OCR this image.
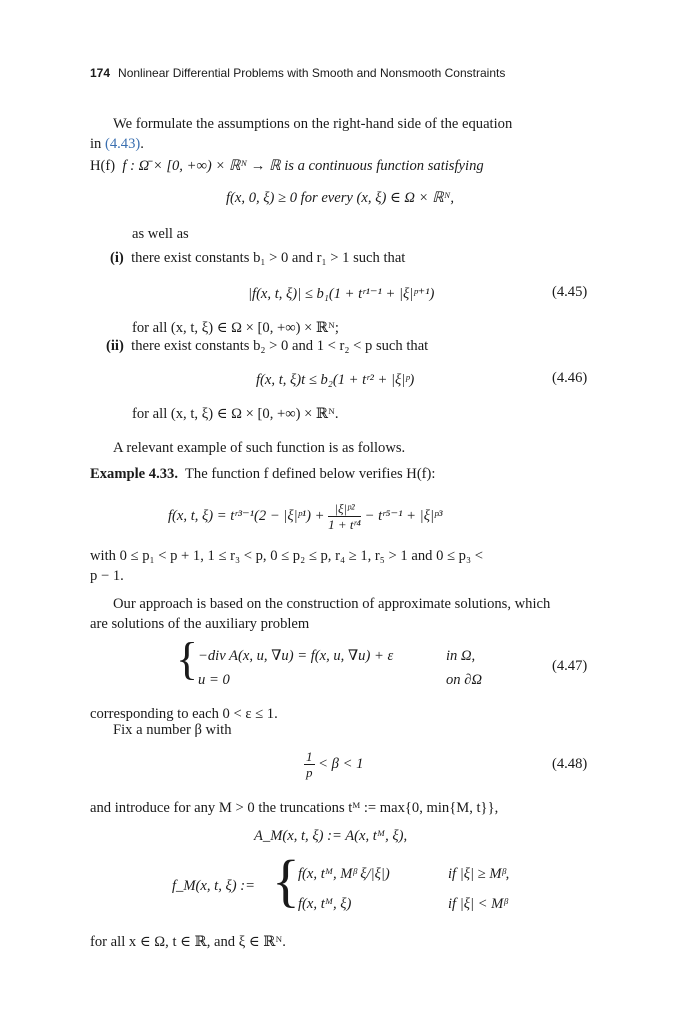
174 Nonlinear Differential Problems with Smooth and Nonsmooth Constraints
We formulate the assumptions on the right-hand side of the equation
in (4.43).
H(f) f : Ω̄ × [0, +∞) × ℝᴺ → ℝ is a continuous function satisfying
f(x, 0, ξ) ≥ 0 for every (x, ξ) ∈ Ω × ℝᴺ,
as well as
(i) there exist constants b₁ > 0 and r₁ > 1 such that
|f(x, t, ξ)| ≤ b₁(1 + tʳ¹⁻¹ + |ξ|ᵖ⁺¹)	(4.45)
for all (x, t, ξ) ∈ Ω × [0, +∞) × ℝᴺ;
(ii) there exist constants b₂ > 0 and 1 < r₂ < p such that
f(x, t, ξ)t ≤ b₂(1 + tʳ² + |ξ|ᵖ)	(4.46)
for all (x, t, ξ) ∈ Ω × [0, +∞) × ℝᴺ.
A relevant example of such function is as follows.
Example 4.33. The function f defined below verifies H(f):
f(x, t, ξ) = tʳ³⁻¹(2 − |ξ|ᵖ¹) + $\frac{\text{|ξ|ᵖ²}}{\text{1 + tʳ⁴}}$ − tʳ⁵⁻¹ + |ξ|ᵖ³
with 0 ≤ p₁ < p + 1, 1 ≤ r₃ < p, 0 ≤ p₂ ≤ p, r₄ ≥ 1, r₅ > 1 and 0 ≤ p₃ <
p − 1.
Our approach is based on the construction of approximate solutions, which
are solutions of the auxiliary problem
{ −div A(x, u, ∇u) = f(x, u, ∇u) + ε	in Ω,
u = 0	on ∂Ω
(4.47)
corresponding to each 0 < ε ≤ 1.
Fix a number β with
$\frac{1}{p} < \beta < 1$	(4.48)
and introduce for any M > 0 the truncations tᴹ := max{0, min{M, t}},
A_M(x, t, ξ) := A(x, tᴹ, ξ),
f_M(x, t, ξ) := {
f(x, tᴹ, Mᵝ ξ/|ξ|)	if |ξ| ≥ Mᵝ,
f(x, tᴹ, ξ)	if |ξ| < Mᵝ
for all x ∈ Ω, t ∈ ℝ, and ξ ∈ ℝᴺ.
